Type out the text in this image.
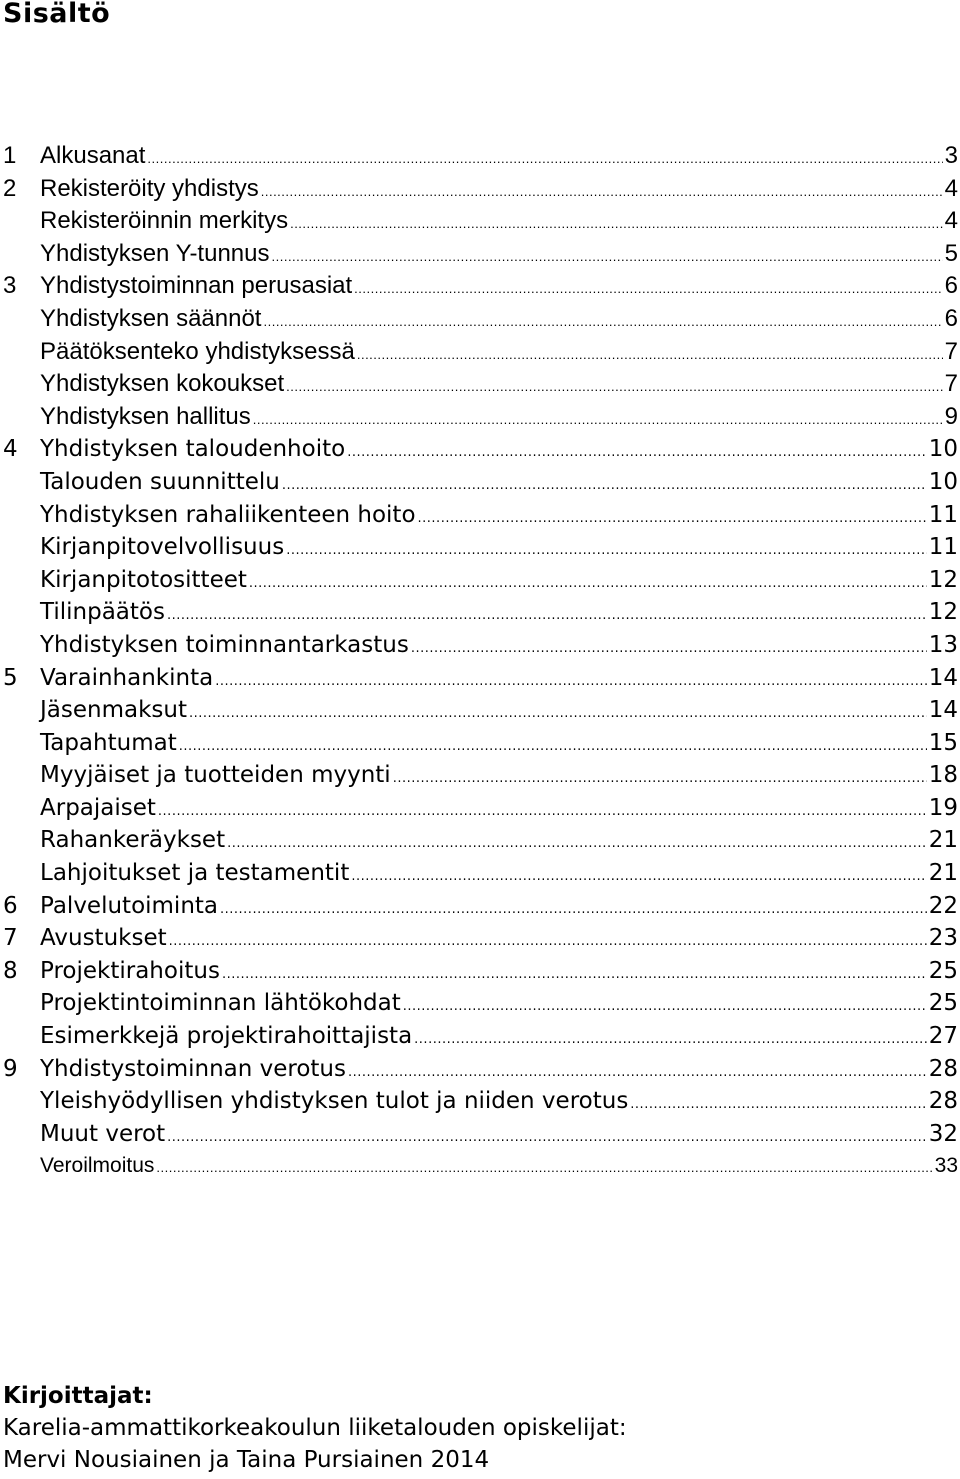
Sisältö
1 Alkusanat .....	3
2 Rekisteröity yhdistys .....	4
Rekisteröinnin merkitys .....	4
Yhdistyksen Y-tunnus .....	5
3 Yhdistystoiminnan perusasiat .....	6
Yhdistyksen säännöt .....	6
Päätöksenteko yhdistyksessä .....	7
Yhdistyksen kokoukset .....	7
Yhdistyksen hallitus .....	9
4 Yhdistyksen taloudenhoito .....	10
Talouden suunnittelu .....	10
Yhdistyksen rahaliikenteen hoito .....	11
Kirjanpitovelvollisuus .....	11
Kirjanpitotositteet .....	12
Tilinpäätös .....	12
Yhdistyksen toiminnantarkastus .....	13
5 Varainhankinta .....	14
Jäsenmaksut .....	14
Tapahtumat .....	15
Myyjäiset ja tuotteiden myynti .....	18
Arpajaiset .....	19
Rahankeräykset .....	21
Lahjoitukset ja testamentit .....	21
6 Palvelutoiminta .....	22
7 Avustukset .....	23
8 Projektirahoitus .....	25
Projektintoiminnan lähtökohdat .....	25
Esimerkkejä projektirahoittajista .....	27
9 Yhdistystoiminnan verotus .....	28
Yleishyödyllisen yhdistyksen tulot ja niiden verotus .....	28
Muut verot .....	32
Veroilmoitus .....	33
Kirjoittajat:
Karelia-ammattikorkeakoulun liiketalouden opiskelijat:
Mervi Nousiainen ja Taina Pursiainen 2014
